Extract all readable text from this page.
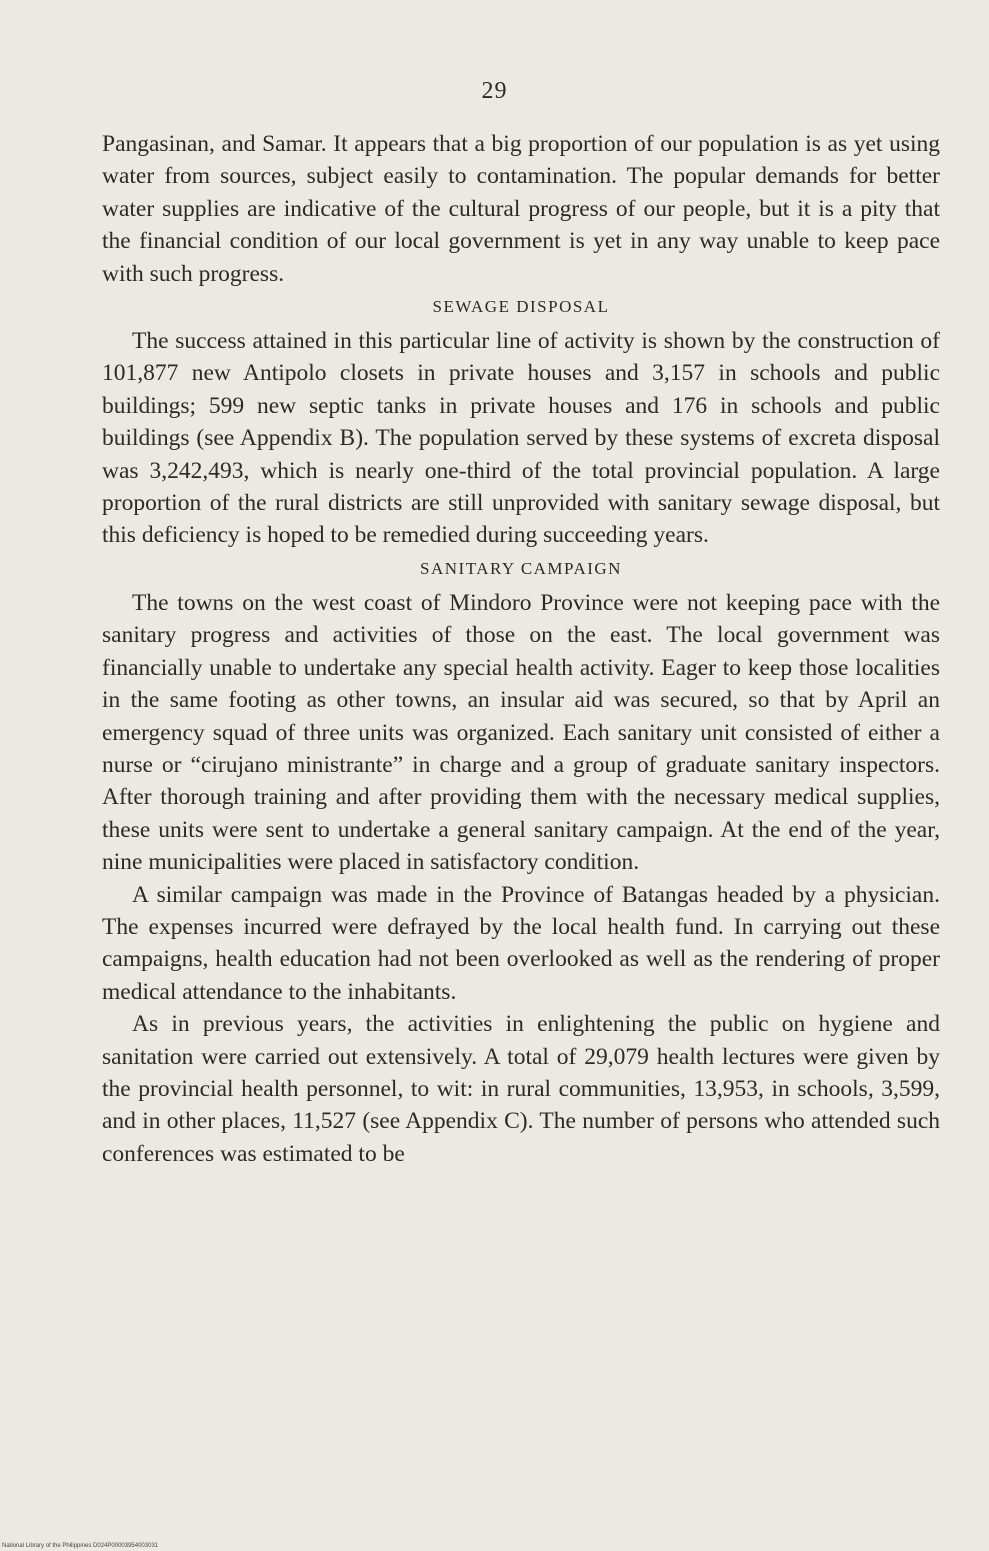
29

Pangasinan, and Samar. It appears that a big proportion of our population is as yet using water from sources, subject easily to contamination. The popular demands for better water supplies are indicative of the cultural progress of our people, but it is a pity that the financial condition of our local government is yet in any way unable to keep pace with such progress.

SEWAGE DISPOSAL

The success attained in this particular line of activity is shown by the construction of 101,877 new Antipolo closets in private houses and 3,157 in schools and public buildings; 599 new septic tanks in private houses and 176 in schools and public buildings (see Appendix B). The population served by these systems of excreta disposal was 3,242,493, which is nearly one-third of the total provincial population. A large proportion of the rural districts are still unprovided with sanitary sewage disposal, but this deficiency is hoped to be remedied during succeeding years.

SANITARY CAMPAIGN

The towns on the west coast of Mindoro Province were not keeping pace with the sanitary progress and activities of those on the east. The local government was financially unable to undertake any special health activity. Eager to keep those localities in the same footing as other towns, an insular aid was secured, so that by April an emergency squad of three units was organized. Each sanitary unit consisted of either a nurse or “cirujano ministrante” in charge and a group of graduate sanitary inspectors. After thorough training and after providing them with the necessary medical supplies, these units were sent to undertake a general sanitary campaign. At the end of the year, nine municipalities were placed in satisfactory condition.

A similar campaign was made in the Province of Batangas headed by a physician. The expenses incurred were defrayed by the local health fund. In carrying out these campaigns, health education had not been overlooked as well as the rendering of proper medical attendance to the inhabitants.

As in previous years, the activities in enlightening the public on hygiene and sanitation were carried out extensively. A total of 29,079 health lectures were given by the provincial health personnel, to wit: in rural communities, 13,953, in schools, 3,599, and in other places, 11,527 (see Appendix C). The number of persons who attended such conferences was estimated to be

National Library of the Philippines D024P00003954003031
